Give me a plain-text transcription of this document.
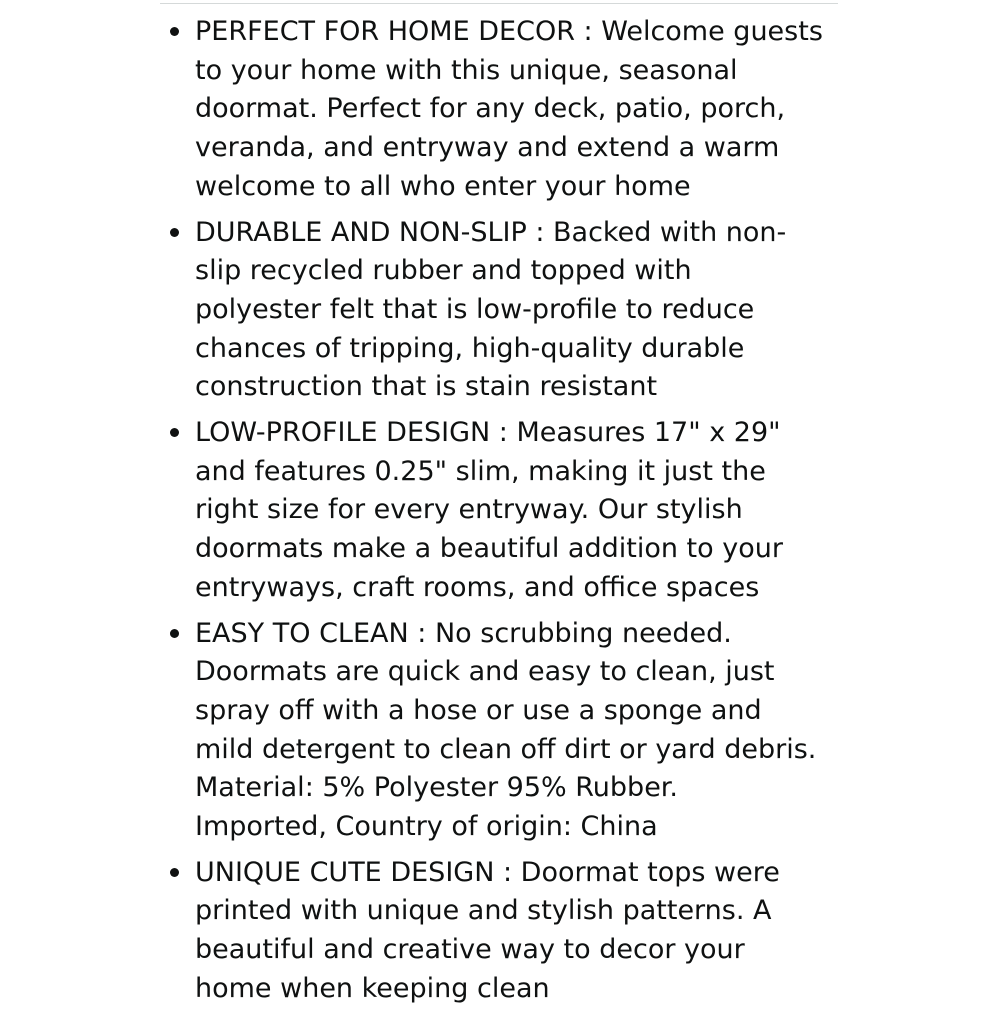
PERFECT FOR HOME DECOR : Welcome guests
to your home with this unique, seasonal
doormat. Perfect for any deck, patio, porch,
veranda, and entryway and extend a warm
welcome to all who enter your home
DURABLE AND NON-SLIP : Backed with non-
slip recycled rubber and topped with
polyester felt that is low-profile to reduce
chances of tripping, high-quality durable
construction that is stain resistant
LOW-PROFILE DESIGN : Measures 17" x 29"
and features 0.25" slim, making it just the
right size for every entryway. Our stylish
doormats make a beautiful addition to your
entryways, craft rooms, and office spaces
EASY TO CLEAN : No scrubbing needed.
Doormats are quick and easy to clean, just
spray off with a hose or use a sponge and
mild detergent to clean off dirt or yard debris.
Material: 5% Polyester 95% Rubber.
Imported, Country of origin: China
UNIQUE CUTE DESIGN : Doormat tops were
printed with unique and stylish patterns. A
beautiful and creative way to decor your
home when keeping clean
